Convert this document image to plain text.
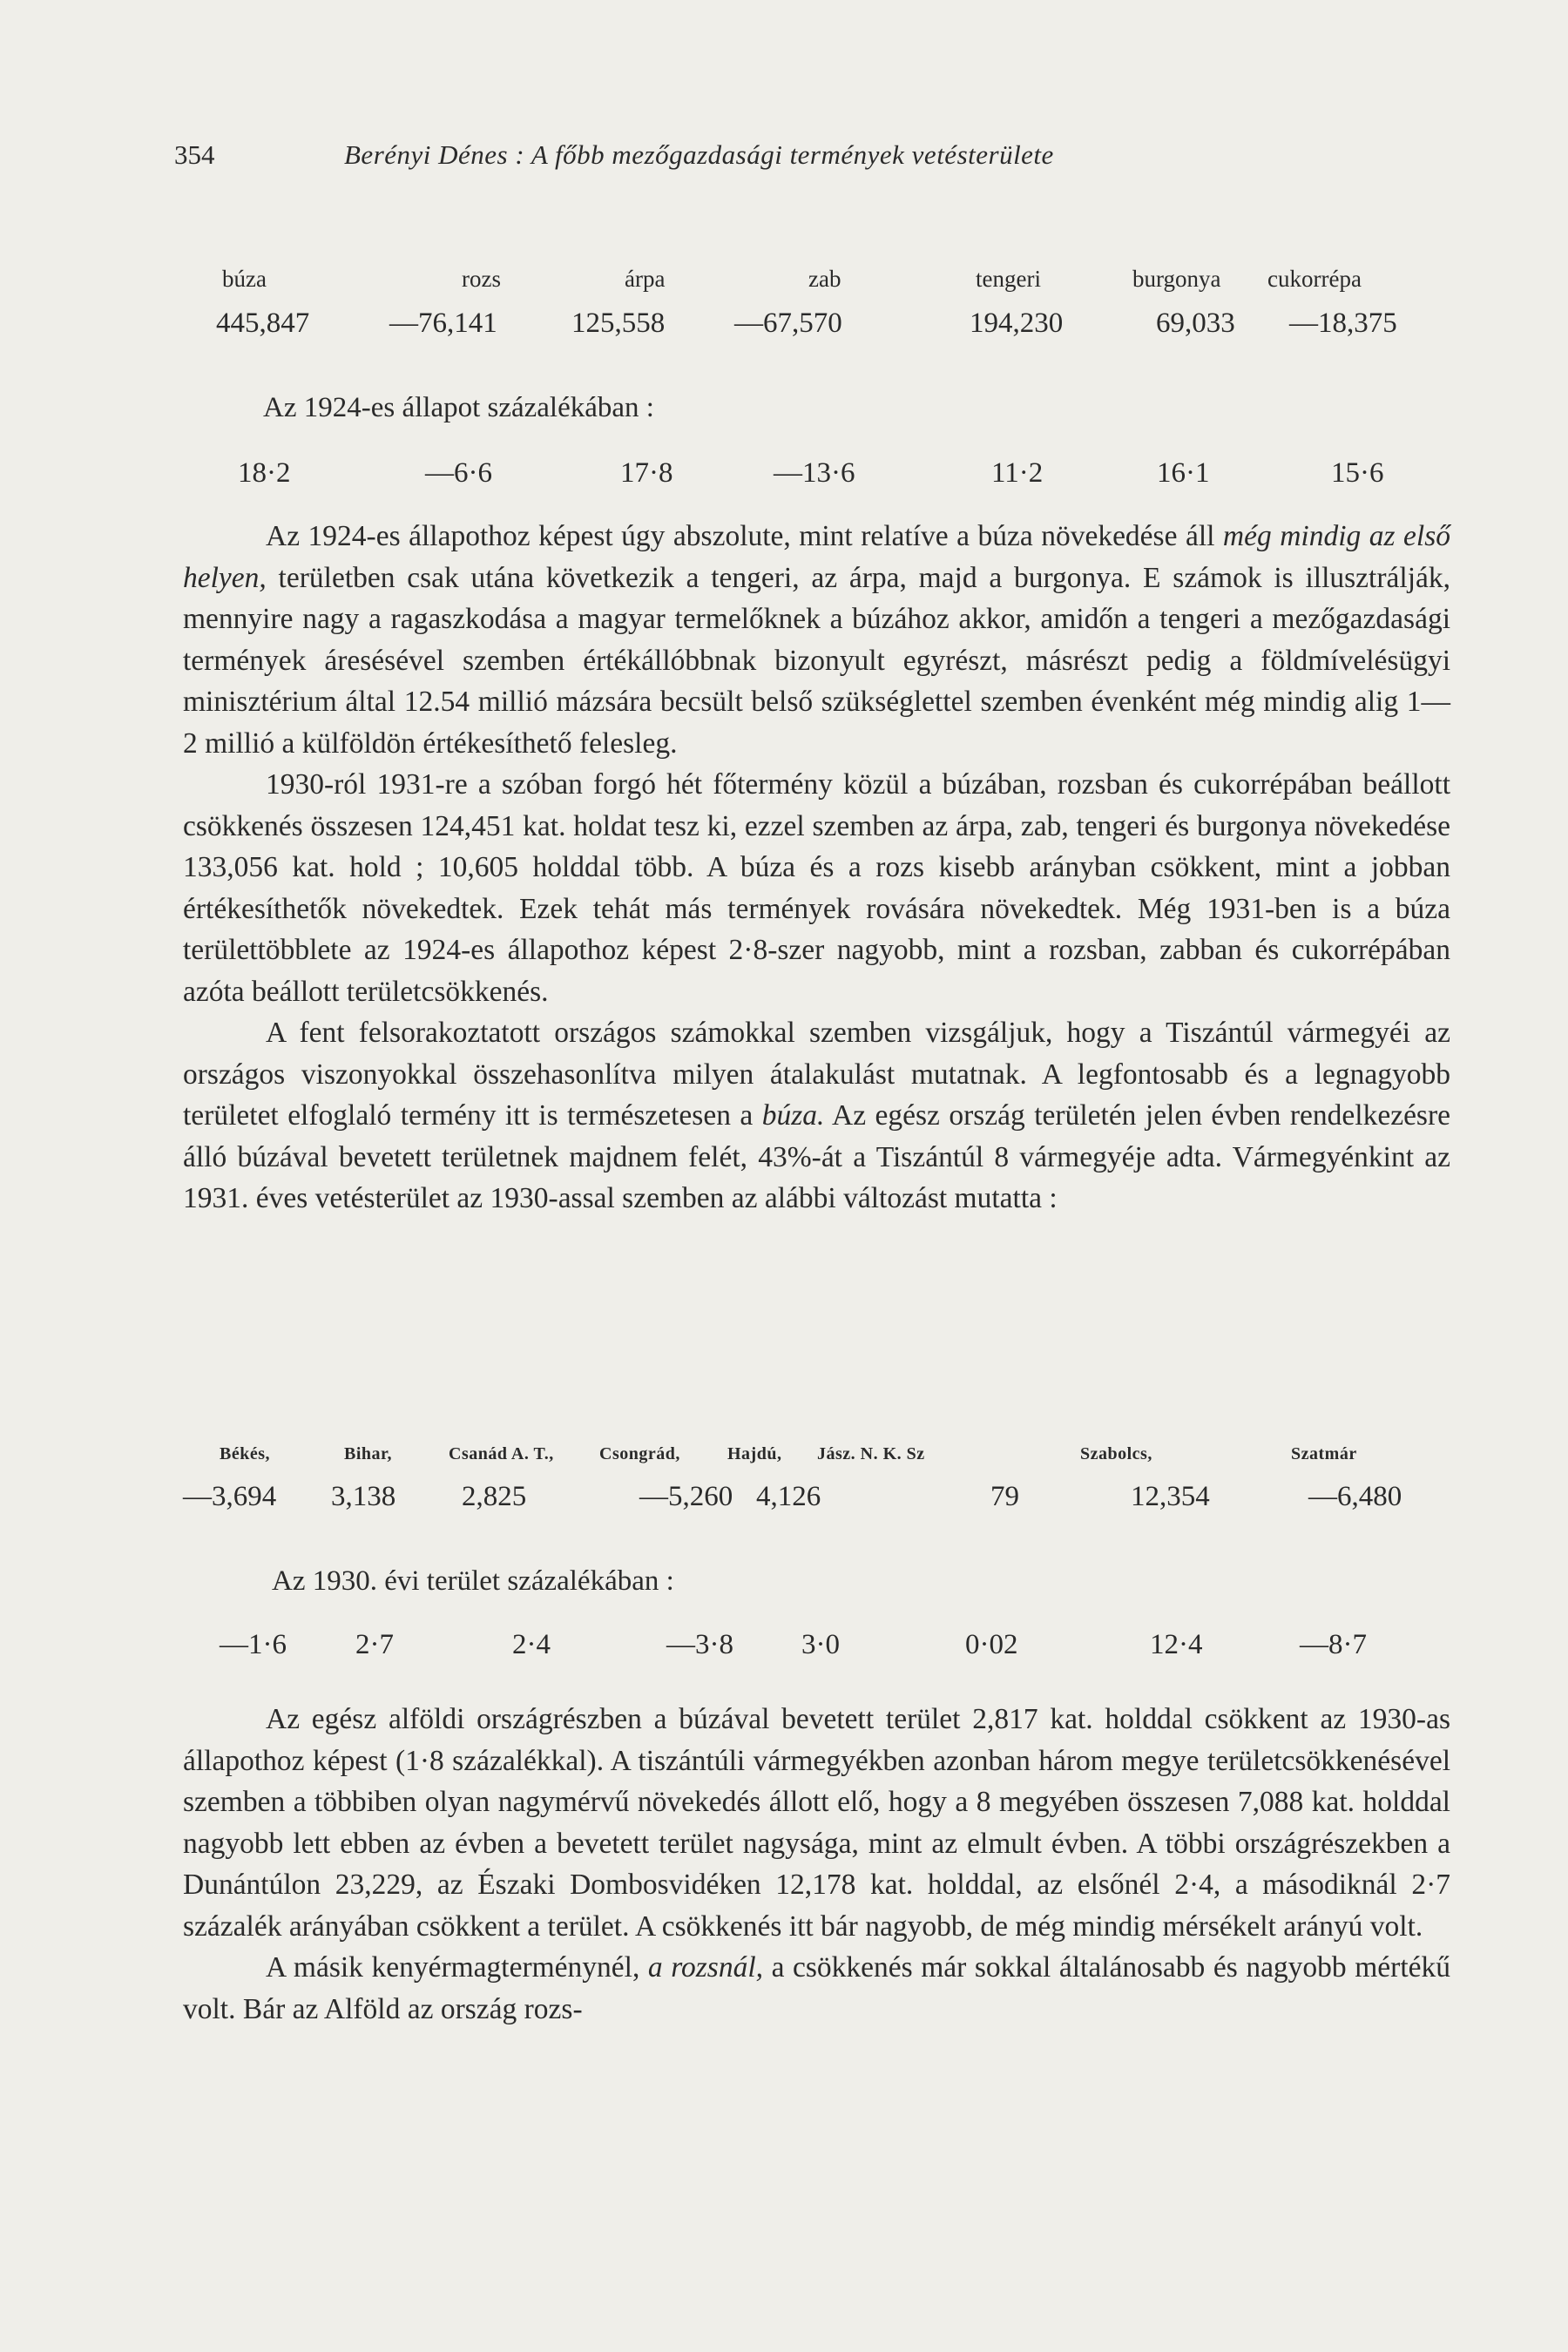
354	Berényi Dénes : A főbb mezőgazdasági termények vetésterülete
búza	rozs	árpa	zab	tengeri	burgonya cukorrépa
445,847	—76,141	125,558 —67,570	194,230	69,033 —18,375
Az 1924-es állapot százalékában :
18·2	—6·6	17·8	—13·6	11·2	16·1	15·6

Az 1924-es állapothoz képest úgy abszolute, mint relatíve a búza növekedése áll még mindig az első helyen, területben csak utána következik a tengeri, az árpa, majd a burgonya. E számok is illusztrálják, mennyire nagy a ragaszkodása a magyar termelőknek a búzához akkor, amidőn a tengeri a mezőgazdasági termények áresésével szemben értékállóbbnak bizonyult egyrészt, másrészt pedig a földmívelésügyi minisztérium által 12.54 millió mázsára becsült belső szükséglettel szemben évenként még mindig alig 1—2 millió a külföldön értékesíthető felesleg.

1930-ról 1931-re a szóban forgó hét főtermény közül a búzában, rozsban és cukorrépában beállott csökkenés összesen 124,451 kat. holdat tesz ki, ezzel szemben az árpa, zab, tengeri és burgonya növekedése 133,056 kat. hold ; 10,605 holddal több. A búza és a rozs kisebb arányban csökkent, mint a jobban értékesíthetők növekedtek. Ezek tehát más termények rovására növekedtek. Még 1931-ben is a búza területtöbblete az 1924-es állapothoz képest 2·8-szer nagyobb, mint a rozsban, zabban és cukorrépában azóta beállott területcsökkenés.

A fent felsorakoztatott országos számokkal szemben vizsgáljuk, hogy a Tiszántúl vármegyéi az országos viszonyokkal összehasonlítva milyen átalakulást mutatnak. A legfontosabb és a legnagyobb területet elfoglaló termény itt is természetesen a búza. Az egész ország területén jelen évben rendelkezésre álló búzával bevetett területnek majdnem felét, 43%-át a Tiszántúl 8 vármegyéje adta. Vármegyénkint az 1931. éves vetésterület az 1930-assal szemben az alábbi változást mutatta :

Békés,	Bihar,	Csanád A. T.,	Csongrád,	Hajdú, Jász. N. K. Sz	Szabolcs,	Szatmár
—3,694 3,138 2,825	—5,260 4,126	79	12,354	—6,480
Az 1930. évi terület százalékában :
—1·6 2·7	2·4	—3·8 3·0	0·02	12·4	—8·7

Az egész alföldi országrészben a búzával bevetett terület 2,817 kat. holddal csökkent az 1930-as állapothoz képest (1·8 százalékkal). A tiszántúli vármegyékben azonban három megye területcsökkenésével szemben a többiben olyan nagymérvű növekedés állott elő, hogy a 8 megyében összesen 7,088 kat. holddal nagyobb lett ebben az évben a bevetett terület nagysága, mint az elmult évben. A többi országrészekben a Dunántúlon 23,229, az Északi Dombosvidéken 12,178 kat. holddal, az elsőnél 2·4, a másodiknál 2·7 százalék arányában csökkent a terület. A csökkenés itt bár nagyobb, de még mindig mérsékelt arányú volt.

A másik kenyérmagterménynél, a rozsnál, a csökkenés már sokkal általánosabb és nagyobb mértékű volt. Bár az Alföld az ország rozs-
